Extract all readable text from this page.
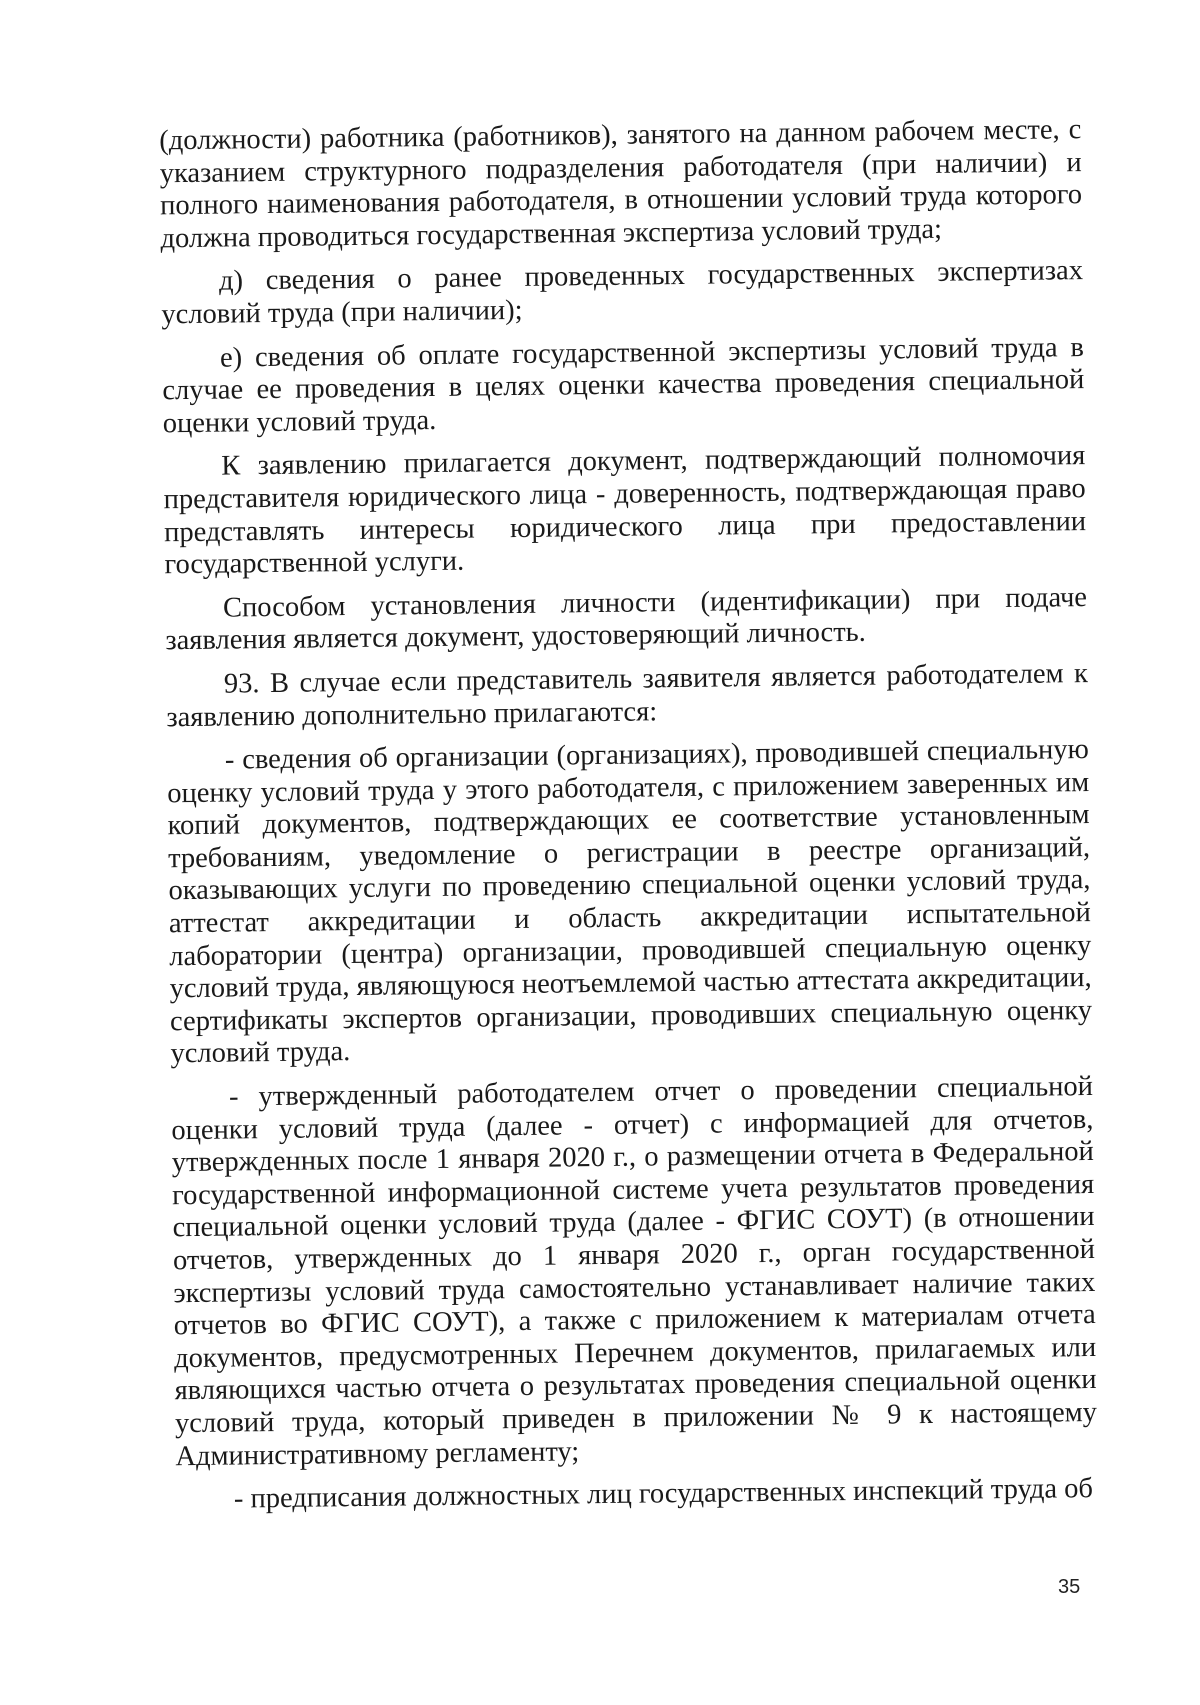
(должности) работника (работников), занятого на данном рабочем месте, с указанием структурного подразделения работодателя (при наличии) и полного наименования работодателя, в отношении условий труда которого должна проводиться государственная экспертиза условий труда;

д) сведения о ранее проведенных государственных экспертизах условий труда (при наличии);

е) сведения об оплате государственной экспертизы условий труда в случае ее проведения в целях оценки качества проведения специальной оценки условий труда.

К заявлению прилагается документ, подтверждающий полномочия представителя юридического лица - доверенность, подтверждающая право представлять интересы юридического лица при предоставлении государственной услуги.

Способом установления личности (идентификации) при подаче заявления является документ, удостоверяющий личность.

93. В случае если представитель заявителя является работодателем к заявлению дополнительно прилагаются:

- сведения об организации (организациях), проводившей специальную оценку условий труда у этого работодателя, с приложением заверенных им копий документов, подтверждающих ее соответствие установленным требованиям, уведомление о регистрации в реестре организаций, оказывающих услуги по проведению специальной оценки условий труда, аттестат аккредитации и область аккредитации испытательной лаборатории (центра) организации, проводившей специальную оценку условий труда, являющуюся неотъемлемой частью аттестата аккредитации, сертификаты экспертов организации, проводивших специальную оценку условий труда.

- утвержденный работодателем отчет о проведении специальной оценки условий труда (далее - отчет) с информацией для отчетов, утвержденных после 1 января 2020 г., о размещении отчета в Федеральной государственной информационной системе учета результатов проведения специальной оценки условий труда (далее - ФГИС СОУТ) (в отношении отчетов, утвержденных до 1 января 2020 г., орган государственной экспертизы условий труда самостоятельно устанавливает наличие таких отчетов во ФГИС СОУТ), а также с приложением к материалам отчета документов, предусмотренных Перечнем документов, прилагаемых или являющихся частью отчета о результатах проведения специальной оценки условий труда, который приведен в приложении № 9 к настоящему Административному регламенту;

- предписания должностных лиц государственных инспекций труда об

35
